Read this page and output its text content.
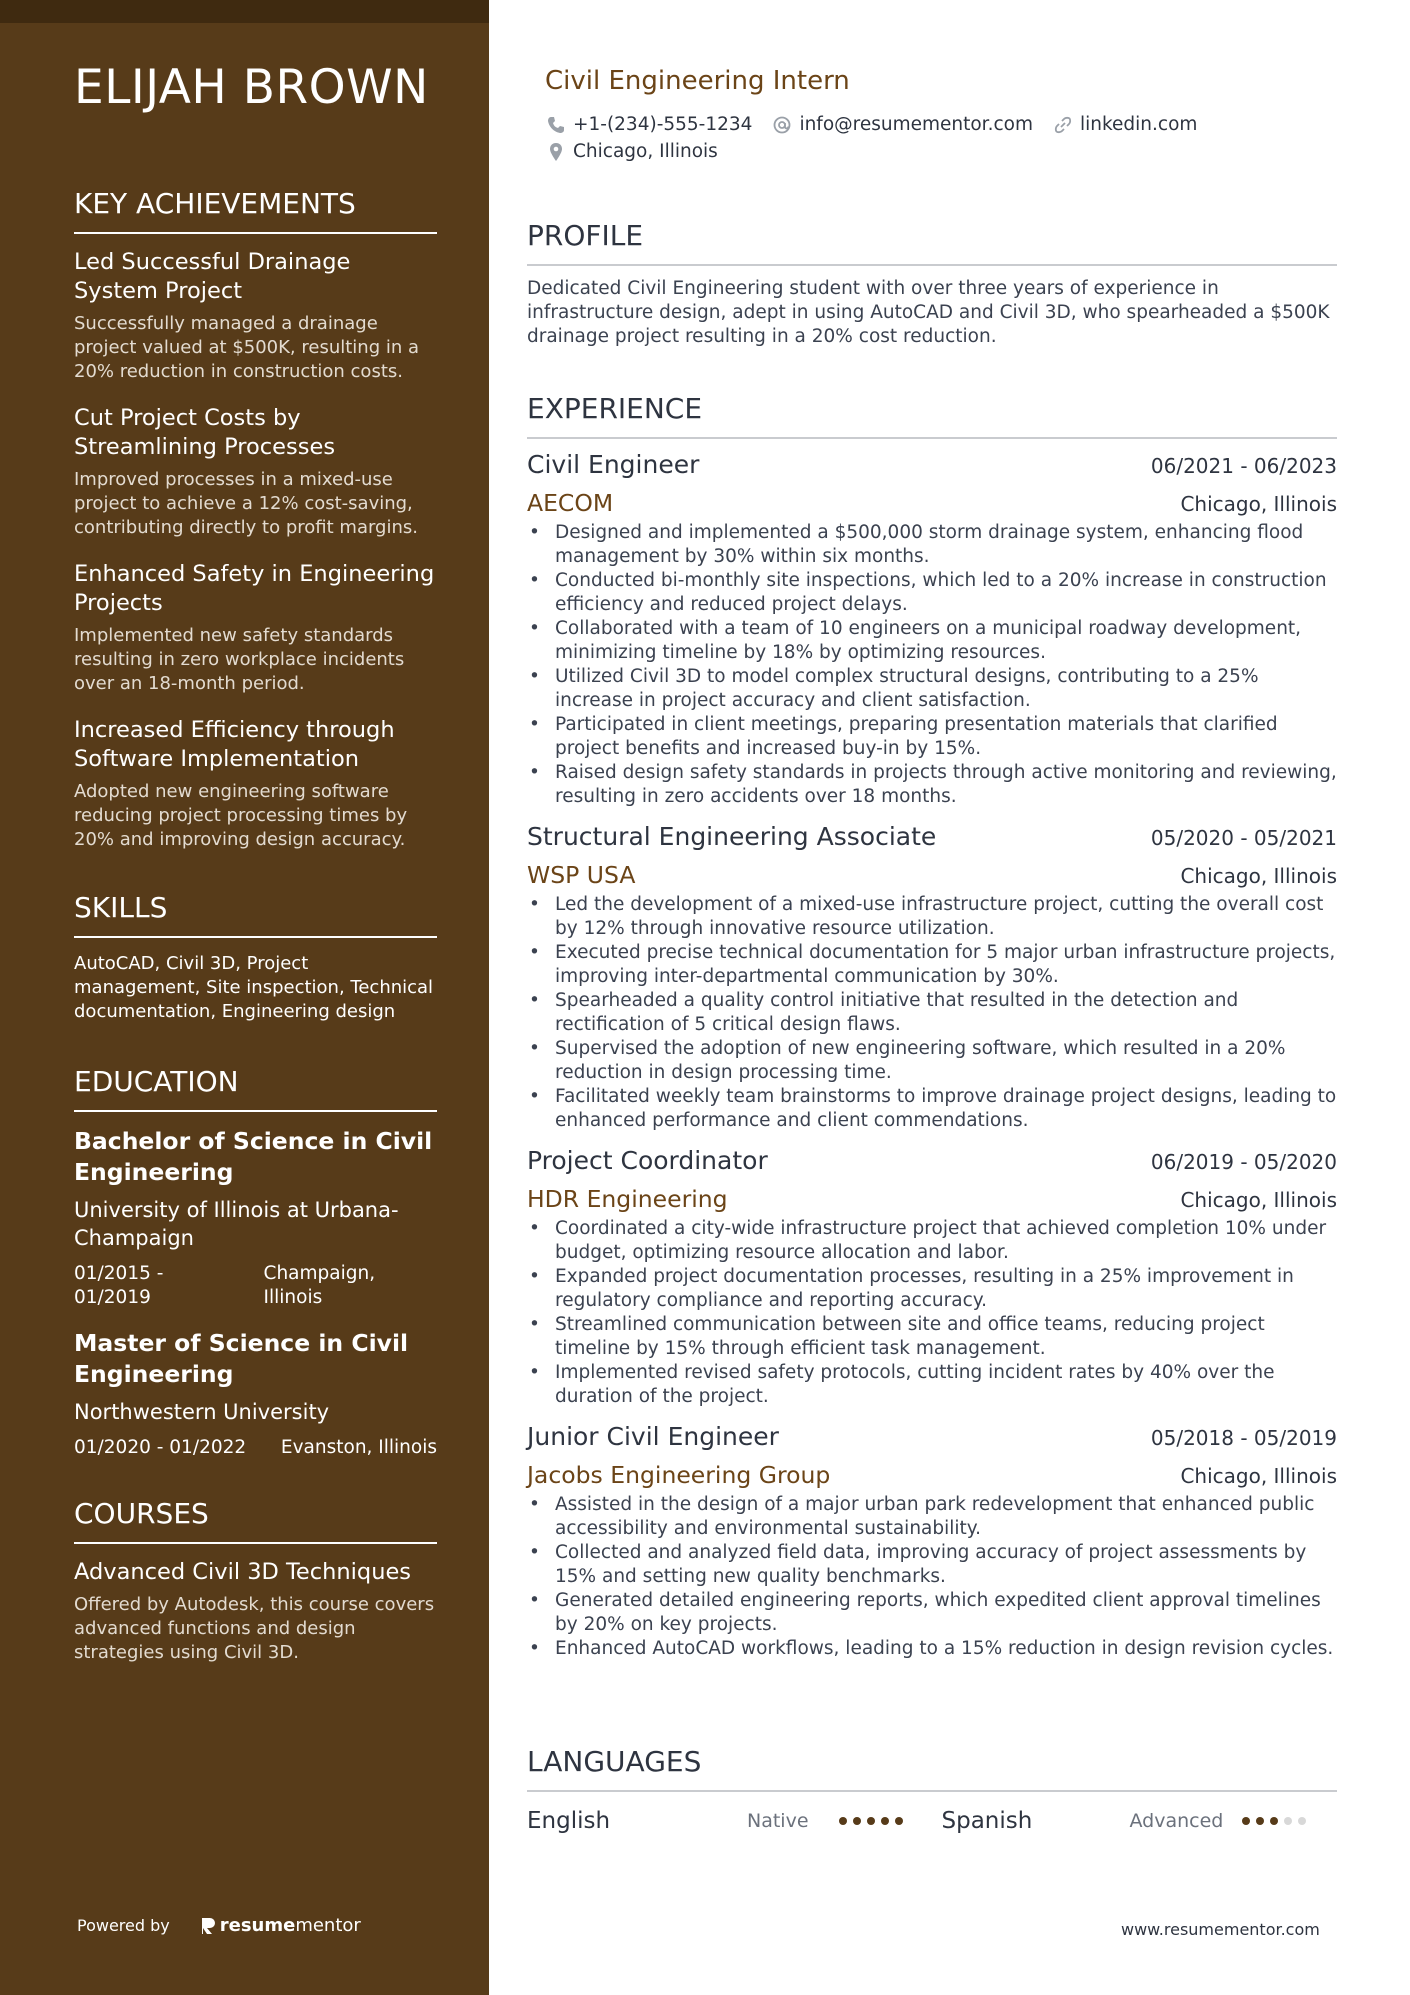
ELIJAH BROWN
KEY ACHIEVEMENTS
Led Successful Drainage System Project
Successfully managed a drainage project valued at $500K, resulting in a 20% reduction in construction costs.
Cut Project Costs by Streamlining Processes
Improved processes in a mixed-use project to achieve a 12% cost-saving, contributing directly to profit margins.
Enhanced Safety in Engineering Projects
Implemented new safety standards resulting in zero workplace incidents over an 18-month period.
Increased Efficiency through Software Implementation
Adopted new engineering software reducing project processing times by 20% and improving design accuracy.
SKILLS
AutoCAD, Civil 3D, Project management, Site inspection, Technical documentation, Engineering design
EDUCATION
Bachelor of Science in Civil Engineering
University of Illinois at Urbana-Champaign
01/2015 - 01/2019
Champaign, Illinois
Master of Science in Civil Engineering
Northwestern University
01/2020 - 01/2022 Evanston, Illinois
COURSES
Advanced Civil 3D Techniques
Offered by Autodesk, this course covers advanced functions and design strategies using Civil 3D.
Powered by	resume mentor
Civil Engineering Intern
+1-(234)-555-1234	info@resumementor.com	linkedin.com
Chicago, Illinois
PROFILE
Dedicated Civil Engineering student with over three years of experience in infrastructure design, adept in using AutoCAD and Civil 3D, who spearheaded a $500K drainage project resulting in a 20% cost reduction.
EXPERIENCE
Civil Engineer	06/2021 - 06/2023
AECOM	Chicago, Illinois
• Designed and implemented a $500,000 storm drainage system, enhancing flood management by 30% within six months.
• Conducted bi-monthly site inspections, which led to a 20% increase in construction efficiency and reduced project delays.
• Collaborated with a team of 10 engineers on a municipal roadway development, minimizing timeline by 18% by optimizing resources.
• Utilized Civil 3D to model complex structural designs, contributing to a 25% increase in project accuracy and client satisfaction.
• Participated in client meetings, preparing presentation materials that clarified project benefits and increased buy-in by 15%.
• Raised design safety standards in projects through active monitoring and reviewing, resulting in zero accidents over 18 months.
Structural Engineering Associate	05/2020 - 05/2021
WSP USA	Chicago, Illinois
• Led the development of a mixed-use infrastructure project, cutting the overall cost by 12% through innovative resource utilization.
• Executed precise technical documentation for 5 major urban infrastructure projects, improving inter-departmental communication by 30%.
• Spearheaded a quality control initiative that resulted in the detection and rectification of 5 critical design flaws.
• Supervised the adoption of new engineering software, which resulted in a 20% reduction in design processing time.
• Facilitated weekly team brainstorms to improve drainage project designs, leading to enhanced performance and client commendations.
Project Coordinator	06/2019 - 05/2020
HDR Engineering	Chicago, Illinois
• Coordinated a city-wide infrastructure project that achieved completion 10% under budget, optimizing resource allocation and labor.
• Expanded project documentation processes, resulting in a 25% improvement in regulatory compliance and reporting accuracy.
• Streamlined communication between site and office teams, reducing project timeline by 15% through efficient task management.
• Implemented revised safety protocols, cutting incident rates by 40% over the duration of the project.
Junior Civil Engineer	05/2018 - 05/2019
Jacobs Engineering Group	Chicago, Illinois
• Assisted in the design of a major urban park redevelopment that enhanced public accessibility and environmental sustainability.
• Collected and analyzed field data, improving accuracy of project assessments by 15% and setting new quality benchmarks.
• Generated detailed engineering reports, which expedited client approval timelines by 20% on key projects.
• Enhanced AutoCAD workflows, leading to a 15% reduction in design revision cycles.
LANGUAGES
English	Native	Spanish	Advanced
www.resumementor.com
